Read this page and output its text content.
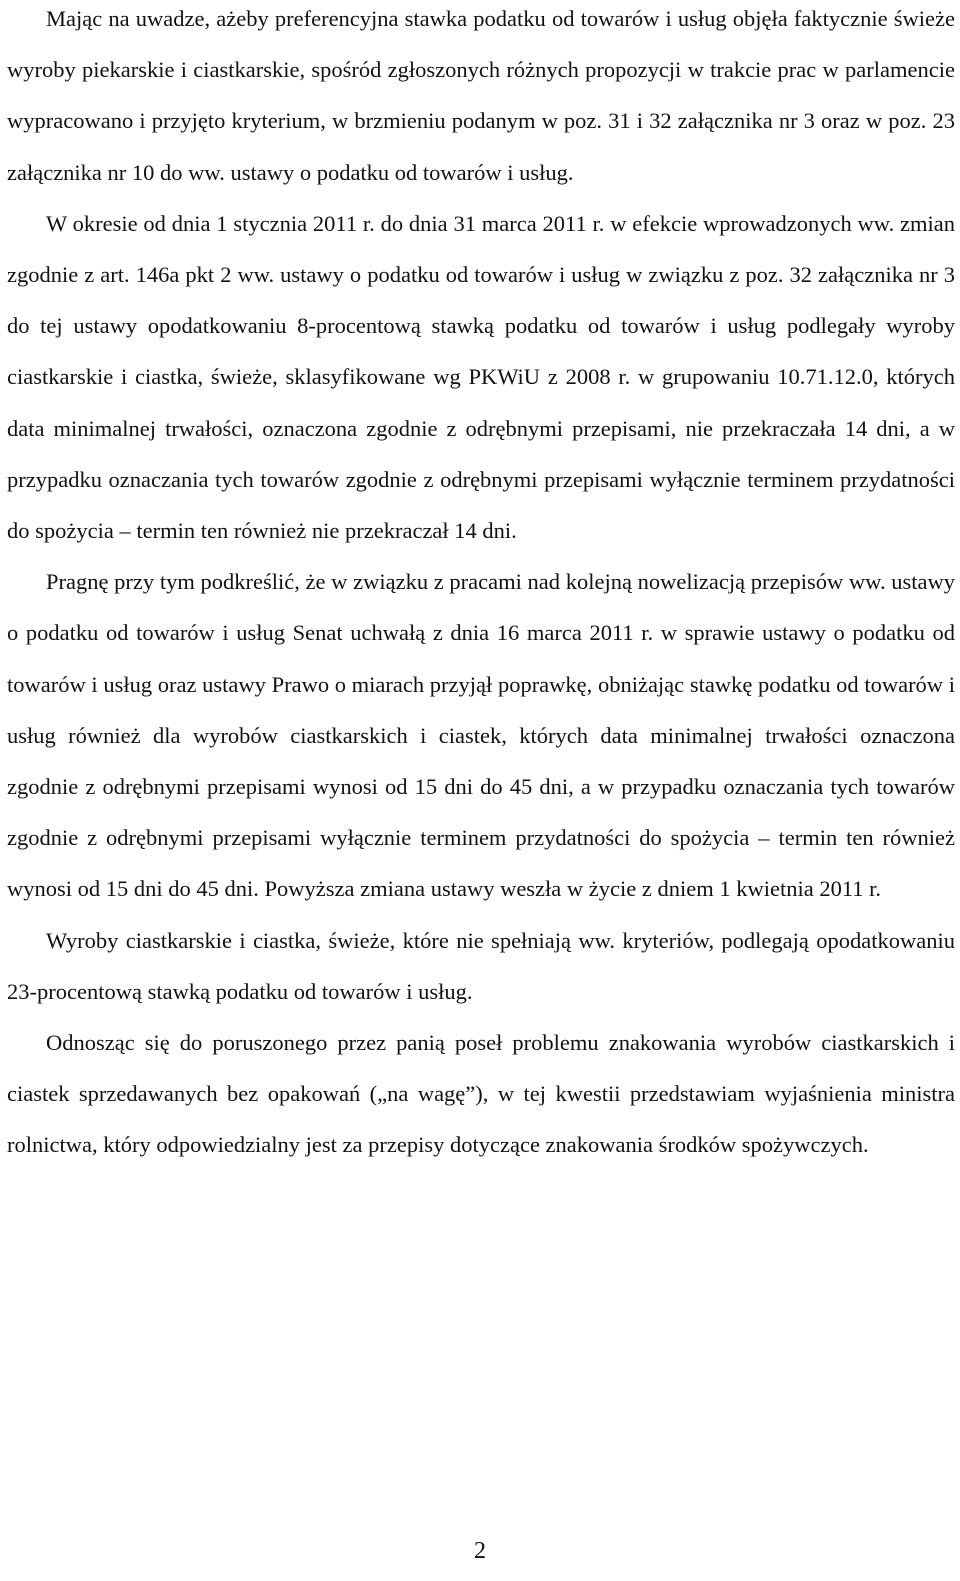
Mając na uwadze, ażeby preferencyjna stawka podatku od towarów i usług objęła faktycznie świeże wyroby piekarskie i ciastkarskie, spośród zgłoszonych różnych propozycji w trakcie prac w parlamencie wypracowano i przyjęto kryterium, w brzmieniu podanym w poz. 31 i 32 załącznika nr 3 oraz w poz. 23 załącznika nr 10 do ww. ustawy o podatku od towarów i usług.

W okresie od dnia 1 stycznia 2011 r. do dnia 31 marca 2011 r. w efekcie wprowadzonych ww. zmian zgodnie z art. 146a pkt 2 ww. ustawy o podatku od towarów i usług w związku z poz. 32 załącznika nr 3 do tej ustawy opodatkowaniu 8-procentową stawką podatku od towarów i usług podlegały wyroby ciastkarskie i ciastka, świeże, sklasyfikowane wg PKWiU z 2008 r. w grupowaniu 10.71.12.0, których data minimalnej trwałości, oznaczona zgodnie z odrębnymi przepisami, nie przekraczała 14 dni, a w przypadku oznaczania tych towarów zgodnie z odrębnymi przepisami wyłącznie terminem przydatności do spożycia – termin ten również nie przekraczał 14 dni.

Pragnę przy tym podkreślić, że w związku z pracami nad kolejną nowelizacją przepisów ww. ustawy o podatku od towarów i usług Senat uchwałą z dnia 16 marca 2011 r. w sprawie ustawy o podatku od towarów i usług oraz ustawy Prawo o miarach przyjął poprawkę, obniżając stawkę podatku od towarów i usług również dla wyrobów ciastkarskich i ciastek, których data minimalnej trwałości oznaczona zgodnie z odrębnymi przepisami wynosi od 15 dni do 45 dni, a w przypadku oznaczania tych towarów zgodnie z odrębnymi przepisami wyłącznie terminem przydatności do spożycia – termin ten również wynosi od 15 dni do 45 dni. Powyższa zmiana ustawy weszła w życie z dniem 1 kwietnia 2011 r.

Wyroby ciastkarskie i ciastka, świeże, które nie spełniają ww. kryteriów, podlegają opodatkowaniu 23-procentową stawką podatku od towarów i usług.

Odnosząc się do poruszonego przez panią poseł problemu znakowania wyrobów ciastkarskich i ciastek sprzedawanych bez opakowań („na wagę”), w tej kwestii przedstawiam wyjaśnienia ministra rolnictwa, który odpowiedzialny jest za przepisy dotyczące znakowania środków spożywczych.

2
